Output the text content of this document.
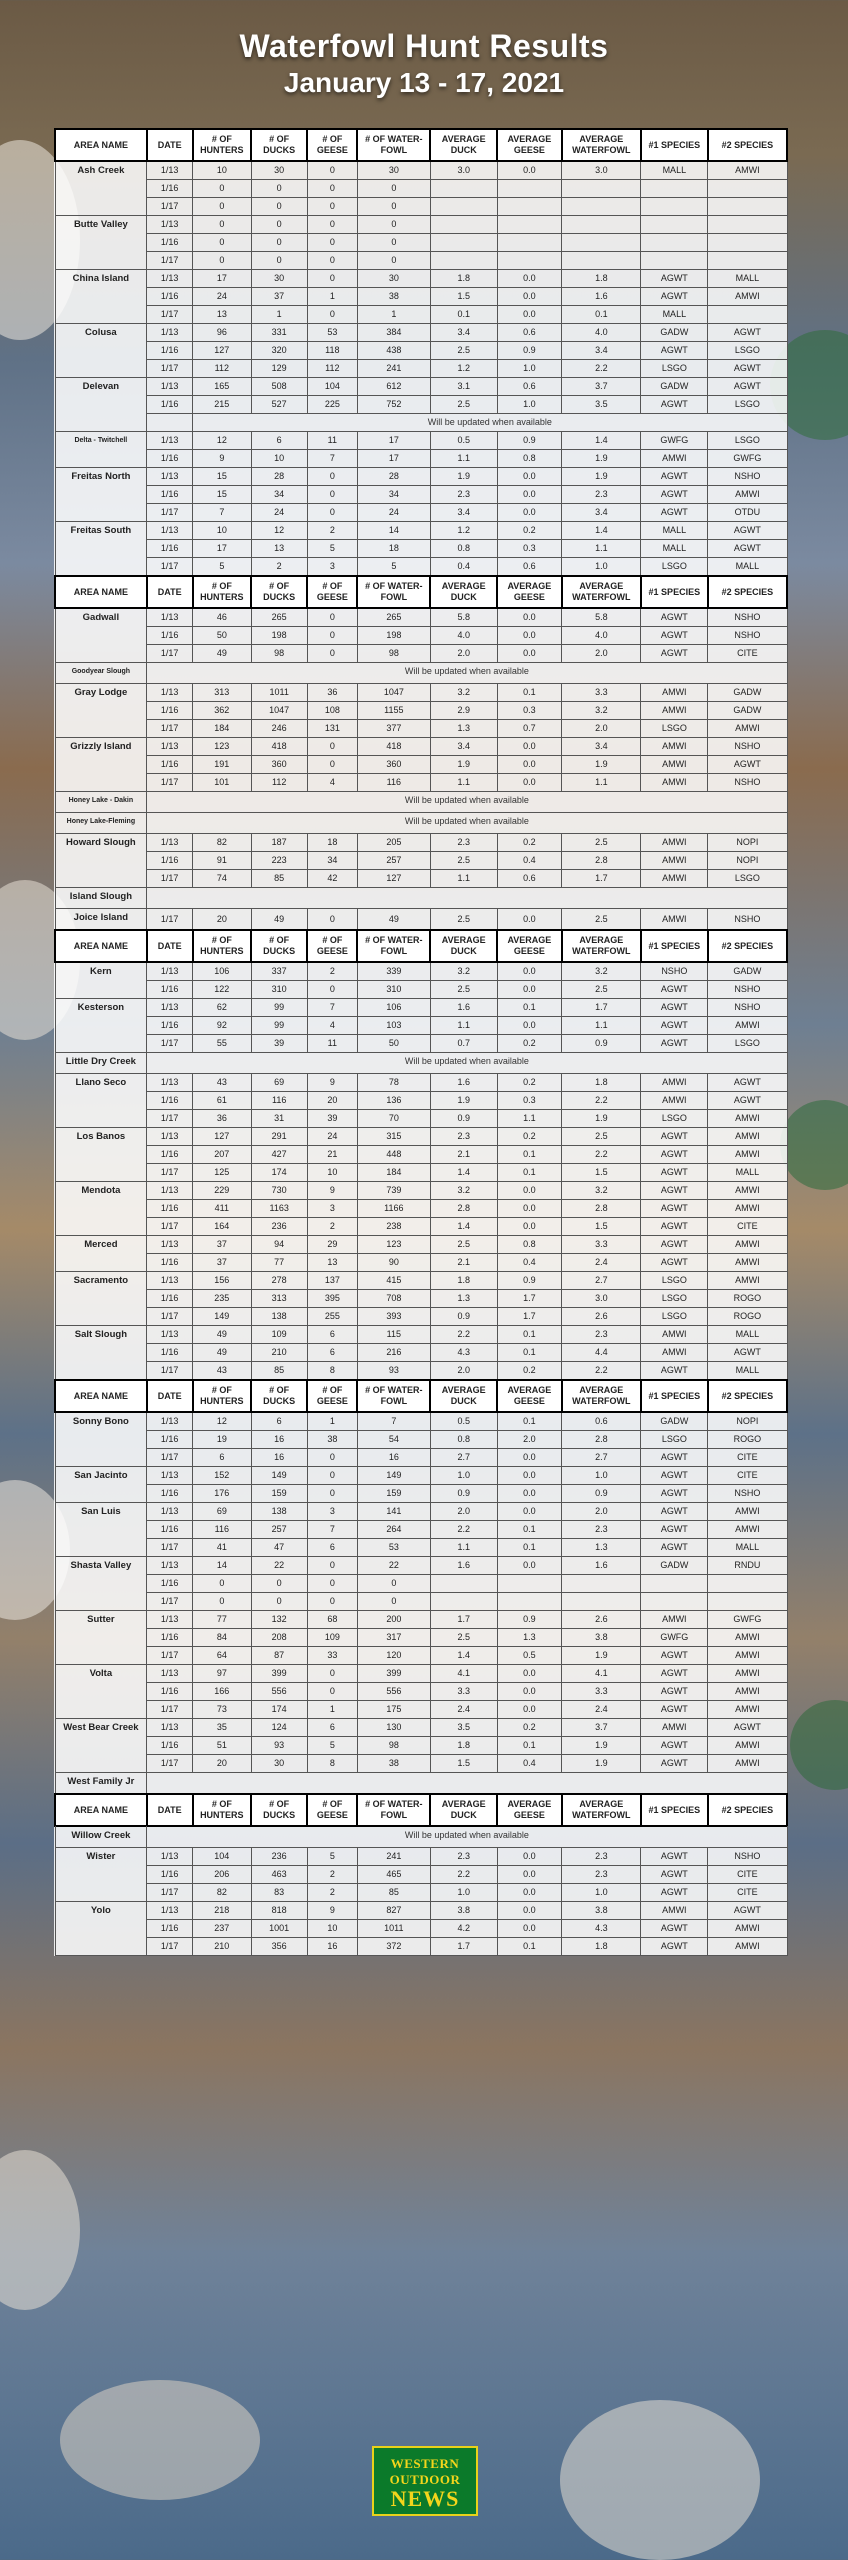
Waterfowl Hunt Results
January 13 - 17, 2021
AREA NAME	DATE	# OF HUNTERS	# OF DUCKS	# OF GEESE	# OF WATER-FOWL	AVERAGE DUCK	AVERAGE GEESE	AVERAGE WATERFOWL	#1 SPECIES	#2 SPECIES
Ash Creek	1/13	10	30	0	30	3.0	0.0	3.0	MALL	AMWI
	1/16	0	0	0	0					
	1/17	0	0	0	0					
Butte Valley	1/13	0	0	0	0					
	1/16	0	0	0	0					
	1/17	0	0	0	0					
China Island	1/13	17	30	0	30	1.8	0.0	1.8	AGWT	MALL
	1/16	24	37	1	38	1.5	0.0	1.6	AGWT	AMWI
	1/17	13	1	0	1	0.1	0.0	0.1	MALL	
Colusa	1/13	96	331	53	384	3.4	0.6	4.0	GADW	AGWT
	1/16	127	320	118	438	2.5	0.9	3.4	AGWT	LSGO
	1/17	112	129	112	241	1.2	1.0	2.2	LSGO	AGWT
Delevan	1/13	165	508	104	612	3.1	0.6	3.7	GADW	AGWT
	1/16	215	527	225	752	2.5	1.0	3.5	AGWT	LSGO
		Will be updated when available								
Delta - Twitchell	1/13	12	6	11	17	0.5	0.9	1.4	GWFG	LSGO
	1/16	9	10	7	17	1.1	0.8	1.9	AMWI	GWFG
Freitas North	1/13	15	28	0	28	1.9	0.0	1.9	AGWT	NSHO
	1/16	15	34	0	34	2.3	0.0	2.3	AGWT	AMWI
	1/17	7	24	0	24	3.4	0.0	3.4	AGWT	OTDU
Freitas South	1/13	10	12	2	14	1.2	0.2	1.4	MALL	AGWT
	1/16	17	13	5	18	0.8	0.3	1.1	MALL	AGWT
	1/17	5	2	3	5	0.4	0.6	1.0	LSGO	MALL
AREA NAME	DATE	# OF HUNTERS	# OF DUCKS	# OF GEESE	# OF WATER-FOWL	AVERAGE DUCK	AVERAGE GEESE	AVERAGE WATERFOWL	#1 SPECIES	#2 SPECIES
Gadwall	1/13	46	265	0	265	5.8	0.0	5.8	AGWT	NSHO
	1/16	50	198	0	198	4.0	0.0	4.0	AGWT	NSHO
	1/17	49	98	0	98	2.0	0.0	2.0	AGWT	CITE
Goodyear Slough	Will be updated when available									

Gray Lodge	1/13	313	1011	36	1047	3.2	0.1	3.3	AMWI	GADW
	1/16	362	1047	108	1155	2.9	0.3	3.2	AMWI	GADW
	1/17	184	246	131	377	1.3	0.7	2.0	LSGO	AMWI
Grizzly Island	1/13	123	418	0	418	3.4	0.0	3.4	AMWI	NSHO
	1/16	191	360	0	360	1.9	0.0	1.9	AMWI	AGWT
	1/17	101	112	4	116	1.1	0.0	1.1	AMWI	NSHO
Honey Lake - Dakin	Will be updated when available									

Honey Lake-Fleming	Will be updated when available									

Howard Slough	1/13	82	187	18	205	2.3	0.2	2.5	AMWI	NOPI
	1/16	91	223	34	257	2.5	0.4	2.8	AMWI	NOPI
	1/17	74	85	42	127	1.1	0.6	1.7	AMWI	LSGO
Island Slough										

Joice Island	1/17	20	49	0	49	2.5	0.0	2.5	AMWI	NSHO
AREA NAME	DATE	# OF HUNTERS	# OF DUCKS	# OF GEESE	# OF WATER-FOWL	AVERAGE DUCK	AVERAGE GEESE	AVERAGE WATERFOWL	#1 SPECIES	#2 SPECIES
Kern	1/13	106	337	2	339	3.2	0.0	3.2	NSHO	GADW
	1/16	122	310	0	310	2.5	0.0	2.5	AGWT	NSHO
Kesterson	1/13	62	99	7	106	1.6	0.1	1.7	AGWT	NSHO
	1/16	92	99	4	103	1.1	0.0	1.1	AGWT	AMWI
	1/17	55	39	11	50	0.7	0.2	0.9	AGWT	LSGO
Little Dry Creek	Will be updated when available									

Llano Seco	1/13	43	69	9	78	1.6	0.2	1.8	AMWI	AGWT
	1/16	61	116	20	136	1.9	0.3	2.2	AMWI	AGWT
	1/17	36	31	39	70	0.9	1.1	1.9	LSGO	AMWI
Los Banos	1/13	127	291	24	315	2.3	0.2	2.5	AGWT	AMWI
	1/16	207	427	21	448	2.1	0.1	2.2	AGWT	AMWI
	1/17	125	174	10	184	1.4	0.1	1.5	AGWT	MALL
Mendota	1/13	229	730	9	739	3.2	0.0	3.2	AGWT	AMWI
	1/16	411	1163	3	1166	2.8	0.0	2.8	AGWT	AMWI
	1/17	164	236	2	238	1.4	0.0	1.5	AGWT	CITE
Merced	1/13	37	94	29	123	2.5	0.8	3.3	AGWT	AMWI
	1/16	37	77	13	90	2.1	0.4	2.4	AGWT	AMWI
Sacramento	1/13	156	278	137	415	1.8	0.9	2.7	LSGO	AMWI
	1/16	235	313	395	708	1.3	1.7	3.0	LSGO	ROGO
	1/17	149	138	255	393	0.9	1.7	2.6	LSGO	ROGO
Salt Slough	1/13	49	109	6	115	2.2	0.1	2.3	AMWI	MALL
	1/16	49	210	6	216	4.3	0.1	4.4	AMWI	AGWT
	1/17	43	85	8	93	2.0	0.2	2.2	AGWT	MALL
AREA NAME	DATE	# OF HUNTERS	# OF DUCKS	# OF GEESE	# OF WATER-FOWL	AVERAGE DUCK	AVERAGE GEESE	AVERAGE WATERFOWL	#1 SPECIES	#2 SPECIES
Sonny Bono	1/13	12	6	1	7	0.5	0.1	0.6	GADW	NOPI
	1/16	19	16	38	54	0.8	2.0	2.8	LSGO	ROGO
	1/17	6	16	0	16	2.7	0.0	2.7	AGWT	CITE
San Jacinto	1/13	152	149	0	149	1.0	0.0	1.0	AGWT	CITE
	1/16	176	159	0	159	0.9	0.0	0.9	AGWT	NSHO
San Luis	1/13	69	138	3	141	2.0	0.0	2.0	AGWT	AMWI
	1/16	116	257	7	264	2.2	0.1	2.3	AGWT	AMWI
	1/17	41	47	6	53	1.1	0.1	1.3	AGWT	MALL
Shasta Valley	1/13	14	22	0	22	1.6	0.0	1.6	GADW	RNDU
	1/16	0	0	0	0					
	1/17	0	0	0	0					
Sutter	1/13	77	132	68	200	1.7	0.9	2.6	AMWI	GWFG
	1/16	84	208	109	317	2.5	1.3	3.8	GWFG	AMWI
	1/17	64	87	33	120	1.4	0.5	1.9	AGWT	AMWI
Volta	1/13	97	399	0	399	4.1	0.0	4.1	AGWT	AMWI
	1/16	166	556	0	556	3.3	0.0	3.3	AGWT	AMWI
	1/17	73	174	1	175	2.4	0.0	2.4	AGWT	AMWI
West Bear Creek	1/13	35	124	6	130	3.5	0.2	3.7	AMWI	AGWT
	1/16	51	93	5	98	1.8	0.1	1.9	AGWT	AMWI
	1/17	20	30	8	38	1.5	0.4	1.9	AGWT	AMWI
West Family Jr										

AREA NAME	DATE	# OF HUNTERS	# OF DUCKS	# OF GEESE	# OF WATER-FOWL	AVERAGE DUCK	AVERAGE GEESE	AVERAGE WATERFOWL	#1 SPECIES	#2 SPECIES
Willow Creek	Will be updated when available									

Wister	1/13	104	236	5	241	2.3	0.0	2.3	AGWT	NSHO
	1/16	206	463	2	465	2.2	0.0	2.3	AGWT	CITE
	1/17	82	83	2	85	1.0	0.0	1.0	AGWT	CITE
Yolo	1/13	218	818	9	827	3.8	0.0	3.8	AMWI	AGWT
	1/16	237	1001	10	1011	4.2	0.0	4.3	AGWT	AMWI
	1/17	210	356	16	372	1.7	0.1	1.8	AGWT	AMWI
WESTERN
OUTDOOR
NEWS
